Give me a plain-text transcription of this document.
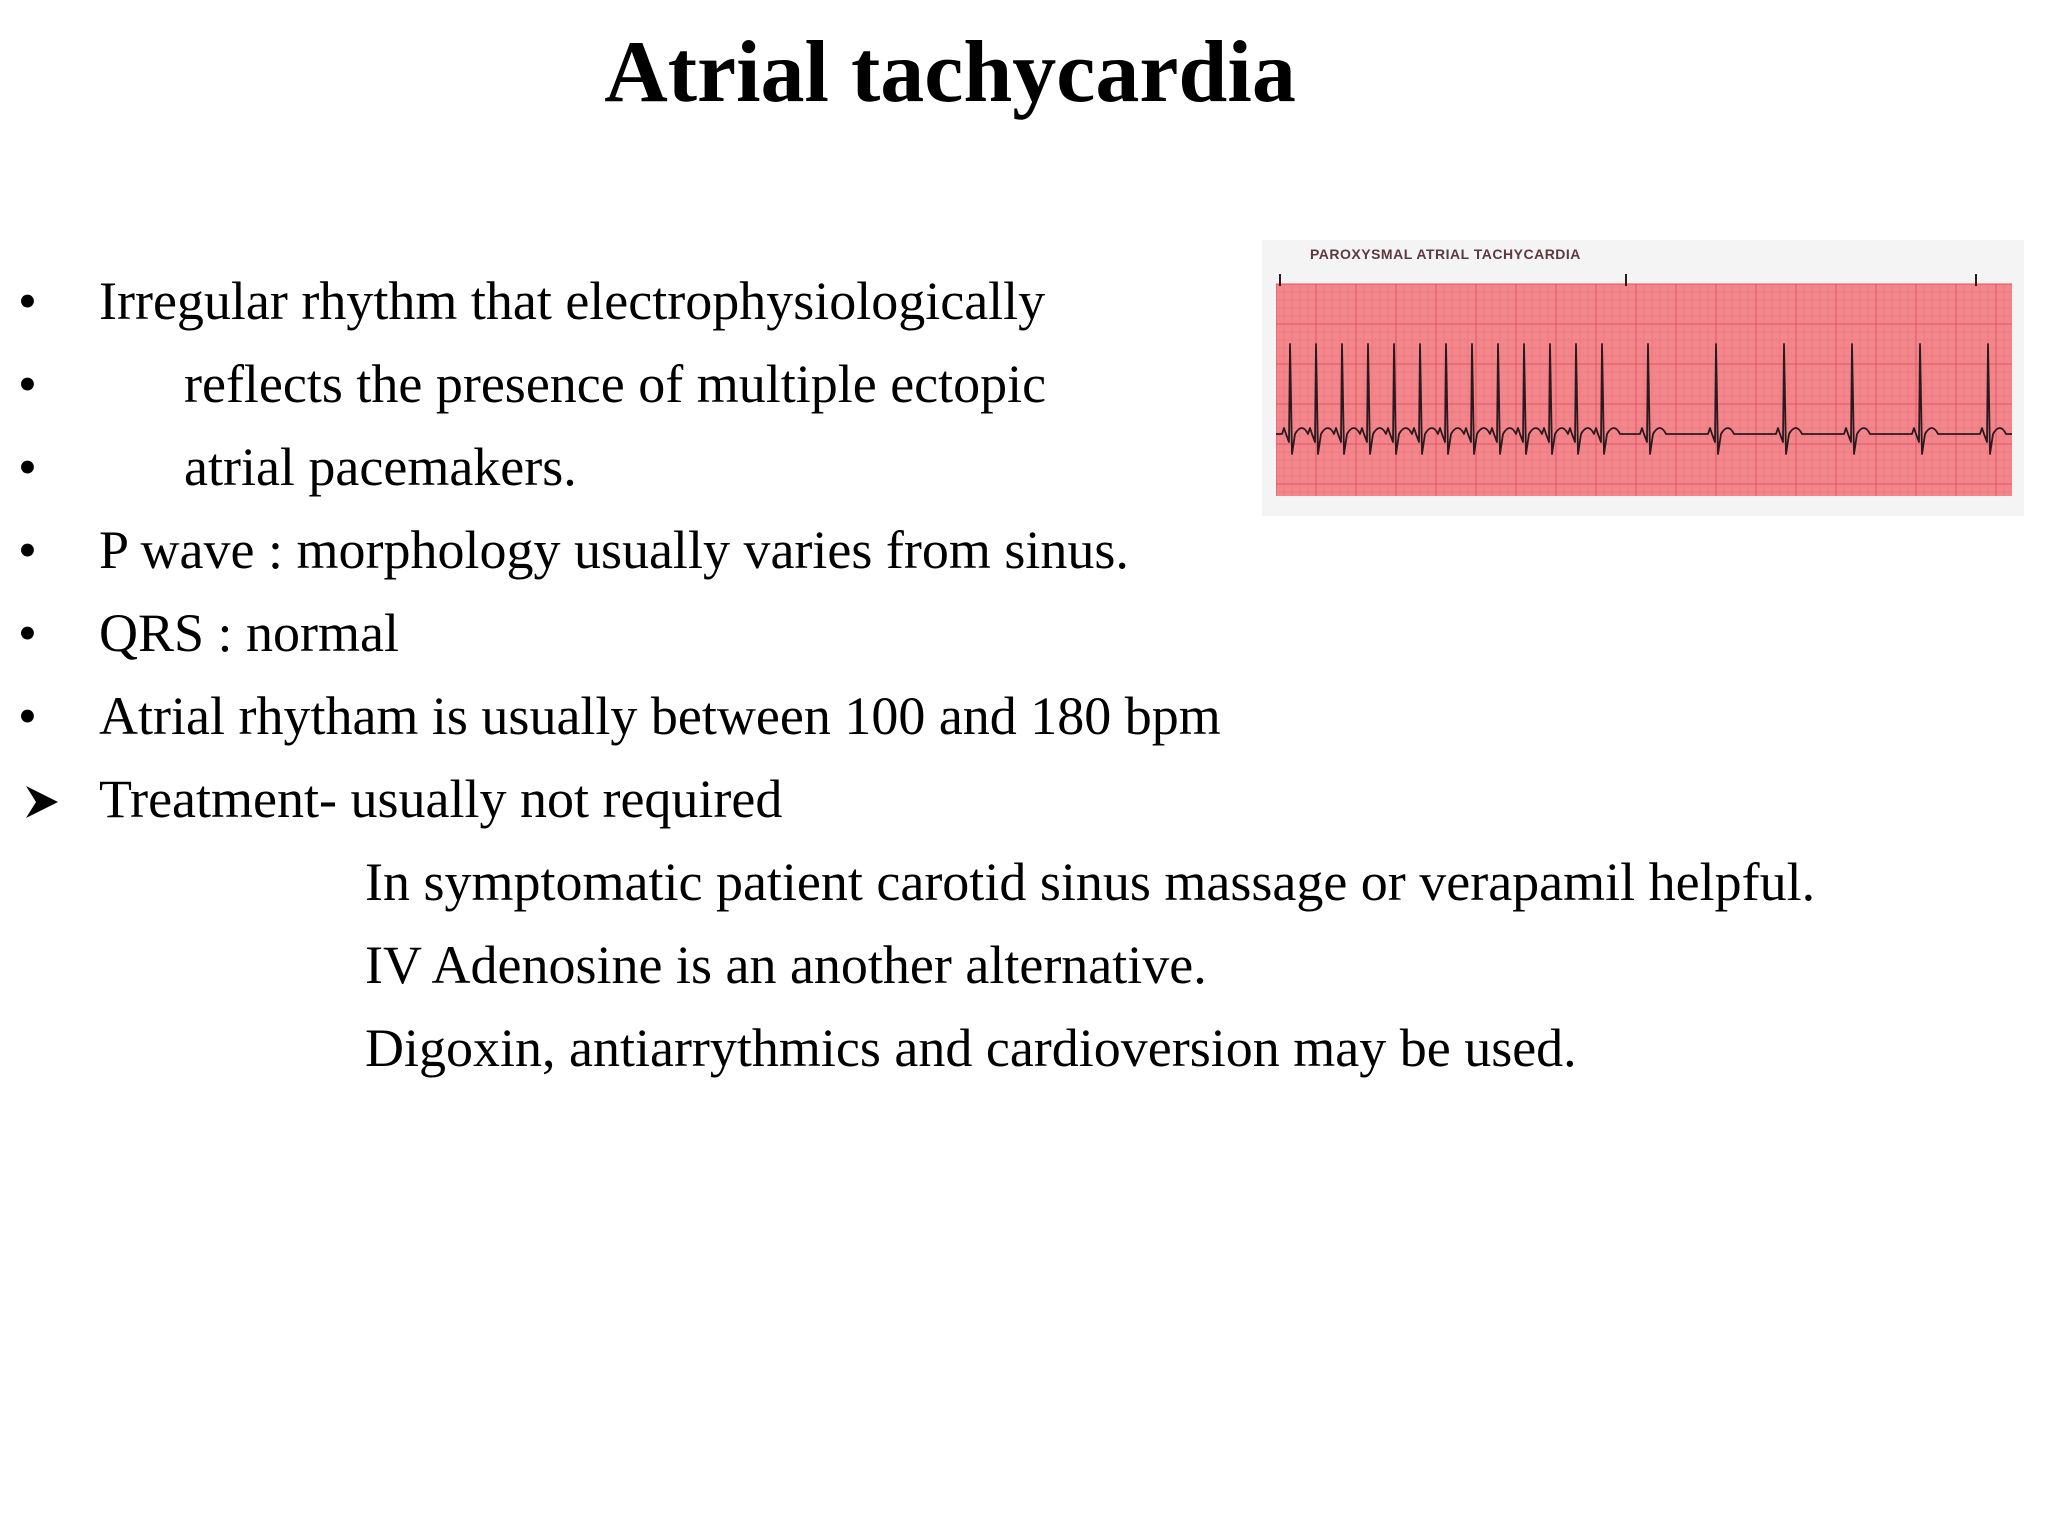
Atrial tachycardia
•	Irregular rhythm that electrophysiologically
•	reflects the presence of multiple ectopic
•	atrial pacemakers.
•	P wave : morphology usually varies from sinus.
•	QRS : normal
•	Atrial rhytham is usually between 100 and 180 bpm
Treatment- usually not required
In symptomatic patient carotid sinus massage or verapamil helpful.
IV Adenosine is an another alternative.
Digoxin, antiarrythmics and cardioversion may be used.
PAROXYSMAL ATRIAL TACHYCARDIA
